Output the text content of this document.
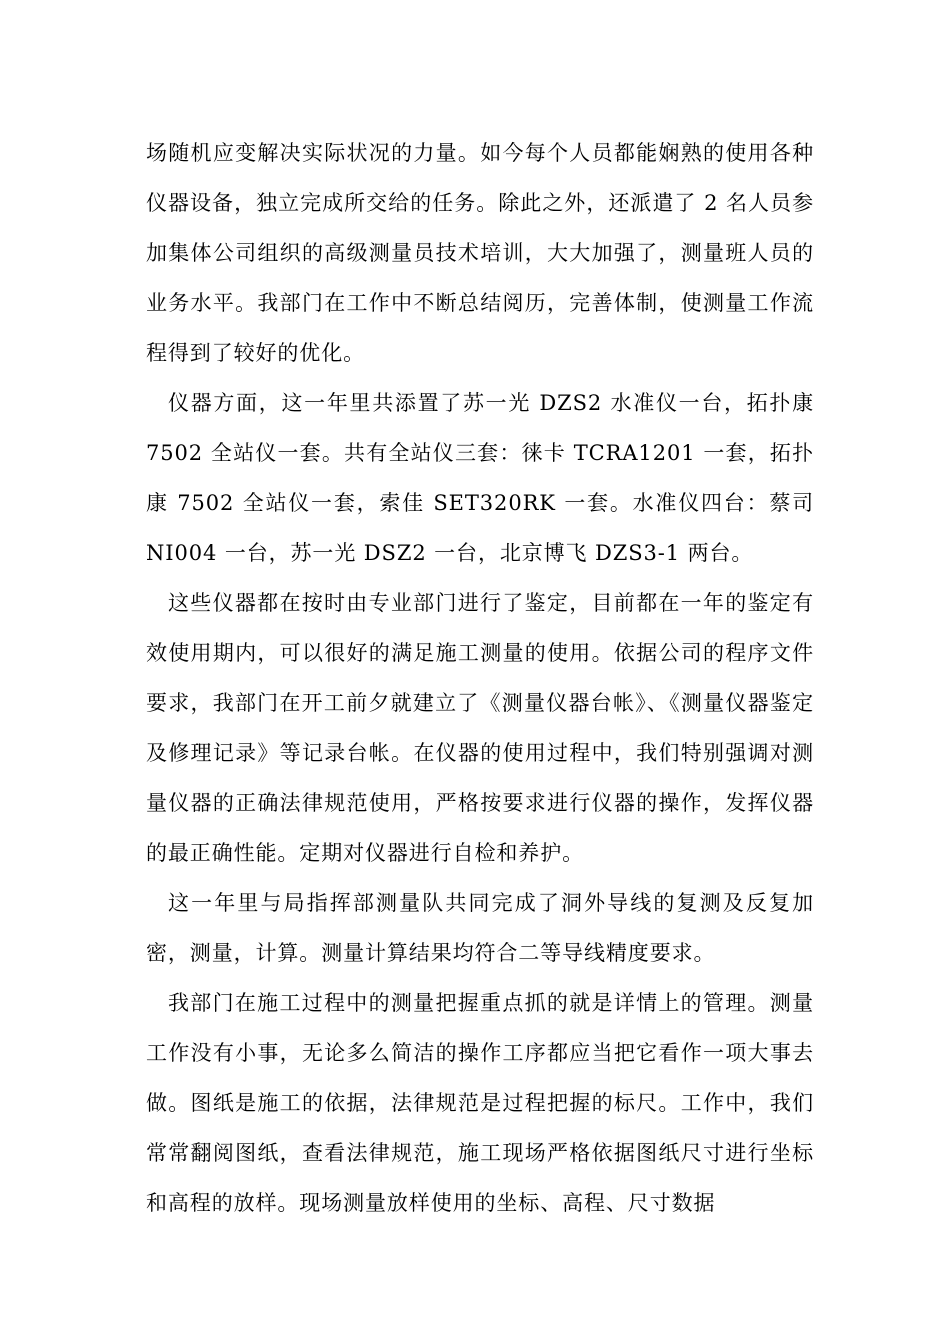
场随机应变解决实际状况的力量。如今每个人员都能娴熟的使用各种仪器设备，独立完成所交给的任务。除此之外，还派遣了 2 名人员参加集体公司组织的高级测量员技术培训，大大加强了，测量班人员的业务水平。我部门在工作中不断总结阅历，完善体制，使测量工作流程得到了较好的优化。

仪器方面，这一年里共添置了苏一光 DZS2 水准仪一台，拓扑康 7502 全站仪一套。共有全站仪三套：徕卡 TCRA1201 一套，拓扑康 7502 全站仪一套，索佳 SET320RK 一套。水准仪四台：蔡司 NI004 一台，苏一光 DSZ2 一台，北京博飞 DZS3-1 两台。

这些仪器都在按时由专业部门进行了鉴定，目前都在一年的鉴定有效使用期内，可以很好的满足施工测量的使用。依据公司的程序文件要求，我部门在开工前夕就建立了《测量仪器台帐》、《测量仪器鉴定及修理记录》等记录台帐。在仪器的使用过程中，我们特别强调对测量仪器的正确法律规范使用，严格按要求进行仪器的操作，发挥仪器的最正确性能。定期对仪器进行自检和养护。

这一年里与局指挥部测量队共同完成了洞外导线的复测及反复加密，测量，计算。测量计算结果均符合二等导线精度要求。

我部门在施工过程中的测量把握重点抓的就是详情上的管理。测量工作没有小事，无论多么简洁的操作工序都应当把它看作一项大事去做。图纸是施工的依据，法律规范是过程把握的标尺。工作中，我们常常翻阅图纸，查看法律规范，施工现场严格依据图纸尺寸进行坐标和高程的放样。现场测量放样使用的坐标、高程、尺寸数据
